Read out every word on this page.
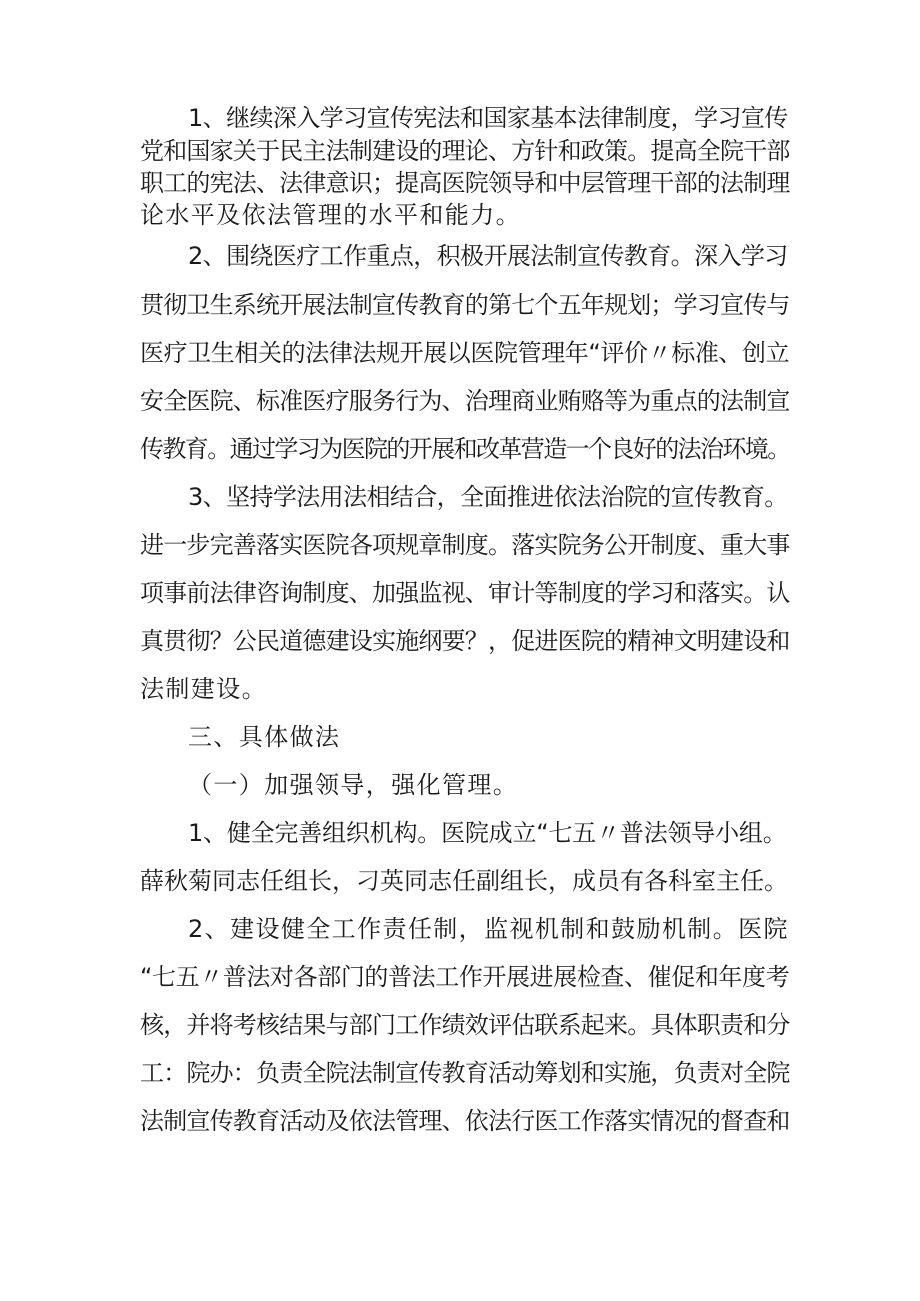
1、继续深入学习宣传宪法和国家基本法律制度，学习宣传
党和国家关于民主法制建设的理论、方针和政策。提高全院干部
职工的宪法、法律意识；提高医院领导和中层管理干部的法制理
论水平及依法管理的水平和能力。
2、围绕医疗工作重点，积极开展法制宣传教育。深入学习
贯彻卫生系统开展法制宣传教育的第七个五年规划；学习宣传与
医疗卫生相关的法律法规开展以医院管理年“评价〃标准、创立
安全医院、标准医疗服务行为、治理商业贿赂等为重点的法制宣
传教育。通过学习为医院的开展和改革营造一个良好的法治环境。
3、坚持学法用法相结合，全面推进依法治院的宣传教育。
进一步完善落实医院各项规章制度。落实院务公开制度、重大事
项事前法律咨询制度、加强监视、审计等制度的学习和落实。认
真贯彻？公民道德建设实施纲要？，促进医院的精神文明建设和
法制建设。
三、具体做法
（一）加强领导，强化管理。
1、健全完善组织机构。医院成立“七五〃普法领导小组。
薛秋菊同志任组长，刁英同志任副组长，成员有各科室主任。
2、建设健全工作责任制，监视机制和鼓励机制。医院
“七五〃普法对各部门的普法工作开展进展检查、催促和年度考
核，并将考核结果与部门工作绩效评估联系起来。具体职责和分
工：院办：负责全院法制宣传教育活动筹划和实施，负责对全院
法制宣传教育活动及依法管理、依法行医工作落实情况的督查和
